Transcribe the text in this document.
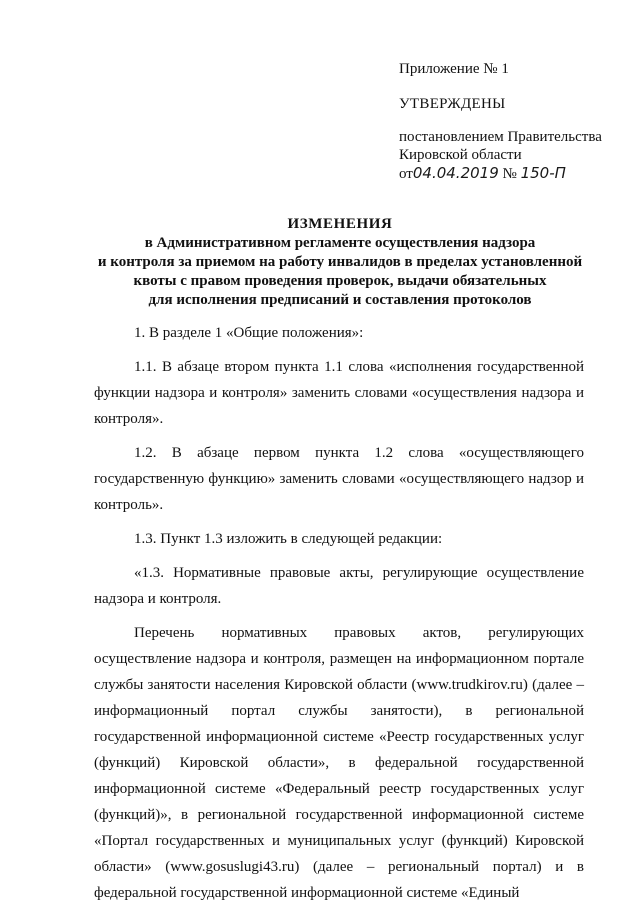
Приложение № 1
УТВЕРЖДЕНЫ
постановлением Правительства
Кировской области
от04.04.2019 № 150-П
ИЗМЕНЕНИЯ
в Административном регламенте осуществления надзора
и контроля за приемом на работу инвалидов в пределах установленной
квоты с правом проведения проверок, выдачи обязательных
для исполнения предписаний и составления протоколов

1. В разделе 1 «Общие положения»:

1.1. В абзаце втором пункта 1.1 слова «исполнения государственной функции надзора и контроля» заменить словами «осуществления надзора и контроля».

1.2. В абзаце первом пункта 1.2 слова «осуществляющего государственную функцию» заменить словами «осуществляющего надзор и контроль».

1.3. Пункт 1.3 изложить в следующей редакции:

«1.3. Нормативные правовые акты, регулирующие осуществление надзора и контроля.

Перечень нормативных правовых актов, регулирующих осуществление надзора и контроля, размещен на информационном портале службы занятости населения Кировской области (www.trudkirov.ru) (далее – информационный портал службы занятости), в региональной государственной информационной системе «Реестр государственных услуг (функций) Кировской области», в федеральной государственной информационной системе «Федеральный реестр государственных услуг (функций)», в региональной государственной информационной системе «Портал государственных и муниципальных услуг (функций) Кировской области» (www.gosuslugi43.ru) (далее – региональный портал) и в федеральной государственной информационной системе «Единый
